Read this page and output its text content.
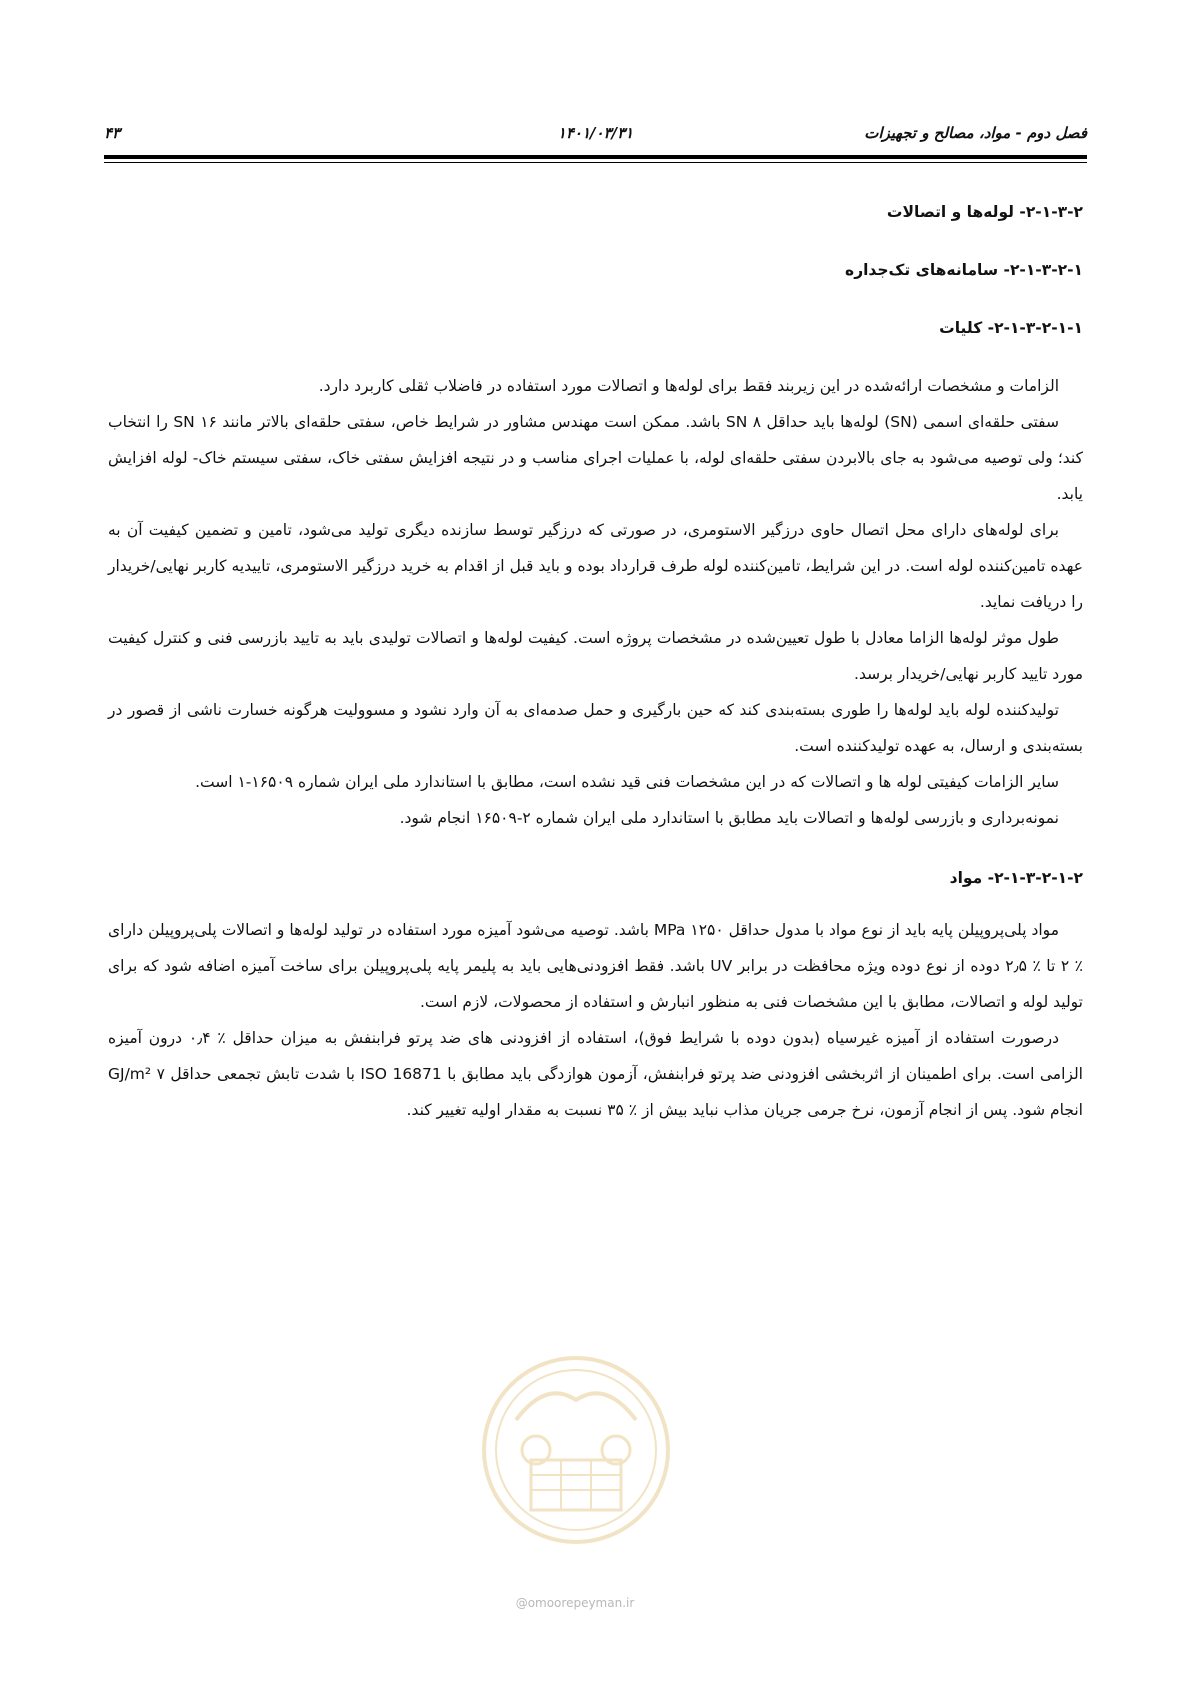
فصل دوم - مواد، مصالح و تجهیزات
۱۴۰۱/۰۳/۳۱
۴۳
۲-۱-۳-۲- لوله‌ها و اتصالات
۲-۱-۳-۲-۱- سامانه‌های تک‌جداره
۲-۱-۳-۲-۱-۱- کلیات

الزامات و مشخصات ارائه‌شده در این زیربند فقط برای لوله‌ها و اتصالات مورد استفاده در فاضلاب ثقلی کاربرد دارد.

سفتی حلقه‌ای اسمی (SN) لوله‌ها باید حداقل SN ۸ باشد. ممکن است مهندس مشاور در شرایط خاص، سفتی حلقه‌ای بالاتر مانند SN ۱۶ را انتخاب کند؛ ولی توصیه می‌شود به جای بالابردن سفتی حلقه‌ای لوله، با عملیات اجرای مناسب و در نتیجه افزایش سفتی خاک، سفتی سیستم خاک- لوله افزایش یابد.

برای لوله‌های دارای محل اتصال حاوی درزگیر الاستومری، در صورتی که درزگیر توسط سازنده دیگری تولید می‌شود، تامین و تضمین کیفیت آن به عهده تامین‌کننده لوله است. در این شرایط، تامین‌کننده لوله طرف قرارداد بوده و باید قبل از اقدام به خرید درزگیر الاستومری، تاییدیه کاربر نهایی/خریدار را دریافت نماید.

طول موثر لوله‌ها الزاما معادل با طول تعیین‌شده در مشخصات پروژه است. کیفیت لوله‌ها و اتصالات تولیدی باید به تایید بازرسی فنی و کنترل کیفیت مورد تایید کاربر نهایی/خریدار برسد.

تولیدکننده لوله باید لوله‌ها را طوری بسته‌بندی کند که حین بارگیری و حمل صدمه‌ای به آن وارد نشود و مسوولیت هرگونه خسارت ناشی از قصور در بسته‌بندی و ارسال، به عهده تولیدکننده است.

سایر الزامات کیفیتی لوله ها و اتصالات که در این مشخصات فنی قید نشده است، مطابق با استاندارد ملی ایران شماره ۱۶۵۰۹-۱ است.

نمونه‌برداری و بازرسی لوله‌ها و اتصالات باید مطابق با استاندارد ملی ایران شماره ۲-۱۶۵۰۹ انجام شود.

۲-۱-۳-۲-۱-۲- مواد

مواد پلی‌پروپیلن پایه باید از نوع مواد با مدول حداقل MPa ۱۲۵۰ باشد. توصیه می‌شود آمیزه مورد استفاده در تولید لوله‌ها و اتصالات پلی‌پروپیلن دارای ٪ ۲ تا ٪ ۲٫۵ دوده از نوع دوده ویژه محافظت در برابر UV باشد. فقط افزودنی‌هایی باید به پلیمر پایه پلی‌پروپیلن برای ساخت آمیزه اضافه شود که برای تولید لوله و اتصالات، مطابق با این مشخصات فنی به منظور انبارش و استفاده از محصولات، لازم است.

درصورت استفاده از آمیزه غیرسیاه (بدون دوده با شرایط فوق)، استفاده از افزودنی های ضد پرتو فرابنفش به میزان حداقل ٪ ۰٫۴ درون آمیزه الزامی است. برای اطمینان از اثربخشی افزودنی ضد پرتو فرابنفش، آزمون هوازدگی باید مطابق با ISO 16871 با شدت تابش تجمعی حداقل ۷ GJ/m² انجام شود. پس از انجام آزمون، نرخ جرمی جریان مذاب نباید بیش از ٪ ۳۵ نسبت به مقدار اولیه تغییر کند.

@omoorepeyman.ir
